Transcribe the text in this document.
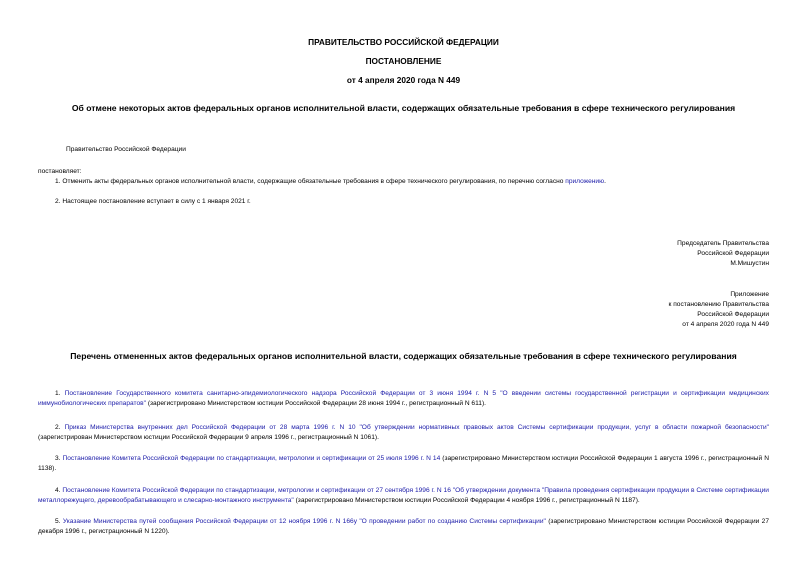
ПРАВИТЕЛЬСТВО РОССИЙСКОЙ ФЕДЕРАЦИИ
ПОСТАНОВЛЕНИЕ
от 4 апреля 2020 года N 449
Об отмене некоторых актов федеральных органов исполнительной власти, содержащих обязательные требования в сфере технического регулирования
Правительство Российской Федерации
постановляет:
1. Отменить акты федеральных органов исполнительной власти, содержащие обязательные требования в сфере технического регулирования, по перечню согласно приложению.
2. Настоящее постановление вступает в силу с 1 января 2021 г.
Председатель Правительства
Российской Федерации
М.Мишустин
Приложение
к постановлению Правительства
Российской Федерации
от 4 апреля 2020 года N 449
Перечень отмененных актов федеральных органов исполнительной власти, содержащих обязательные требования в сфере технического регулирования
1. Постановление Государственного комитета санитарно-эпидемиологического надзора Российской Федерации от 3 июня 1994 г. N 5 "О введении системы государственной регистрации и сертификации медицинских иммунобиологических препаратов" (зарегистрировано Министерством юстиции Российской Федерации 28 июня 1994 г., регистрационный N 611).
2. Приказ Министерства внутренних дел Российской Федерации от 28 марта 1996 г. N 10 "Об утверждении нормативных правовых актов Системы сертификации продукции, услуг в области пожарной безопасности" (зарегистрирован Министерством юстиции Российской Федерации 9 апреля 1996 г., регистрационный N 1061).
3. Постановление Комитета Российской Федерации по стандартизации, метрологии и сертификации от 25 июля 1996 г. N 14 (зарегистрировано Министерством юстиции Российской Федерации 1 августа 1996 г., регистрационный N 1138).
4. Постановление Комитета Российской Федерации по стандартизации, метрологии и сертификации от 27 сентября 1996 г. N 16 "Об утверждении документа "Правила проведения сертификации продукции в Системе сертификации металлорежущего, деревообрабатывающего и слесарно-монтажного инструмента" (зарегистрировано Министерством юстиции Российской Федерации 4 ноября 1996 г., регистрационный N 1187).
5. Указание Министерства путей сообщения Российской Федерации от 12 ноября 1996 г. N 166у "О проведении работ по созданию Системы сертификации" (зарегистрировано Министерством юстиции Российской Федерации 27 декабря 1996 г., регистрационный N 1220).
